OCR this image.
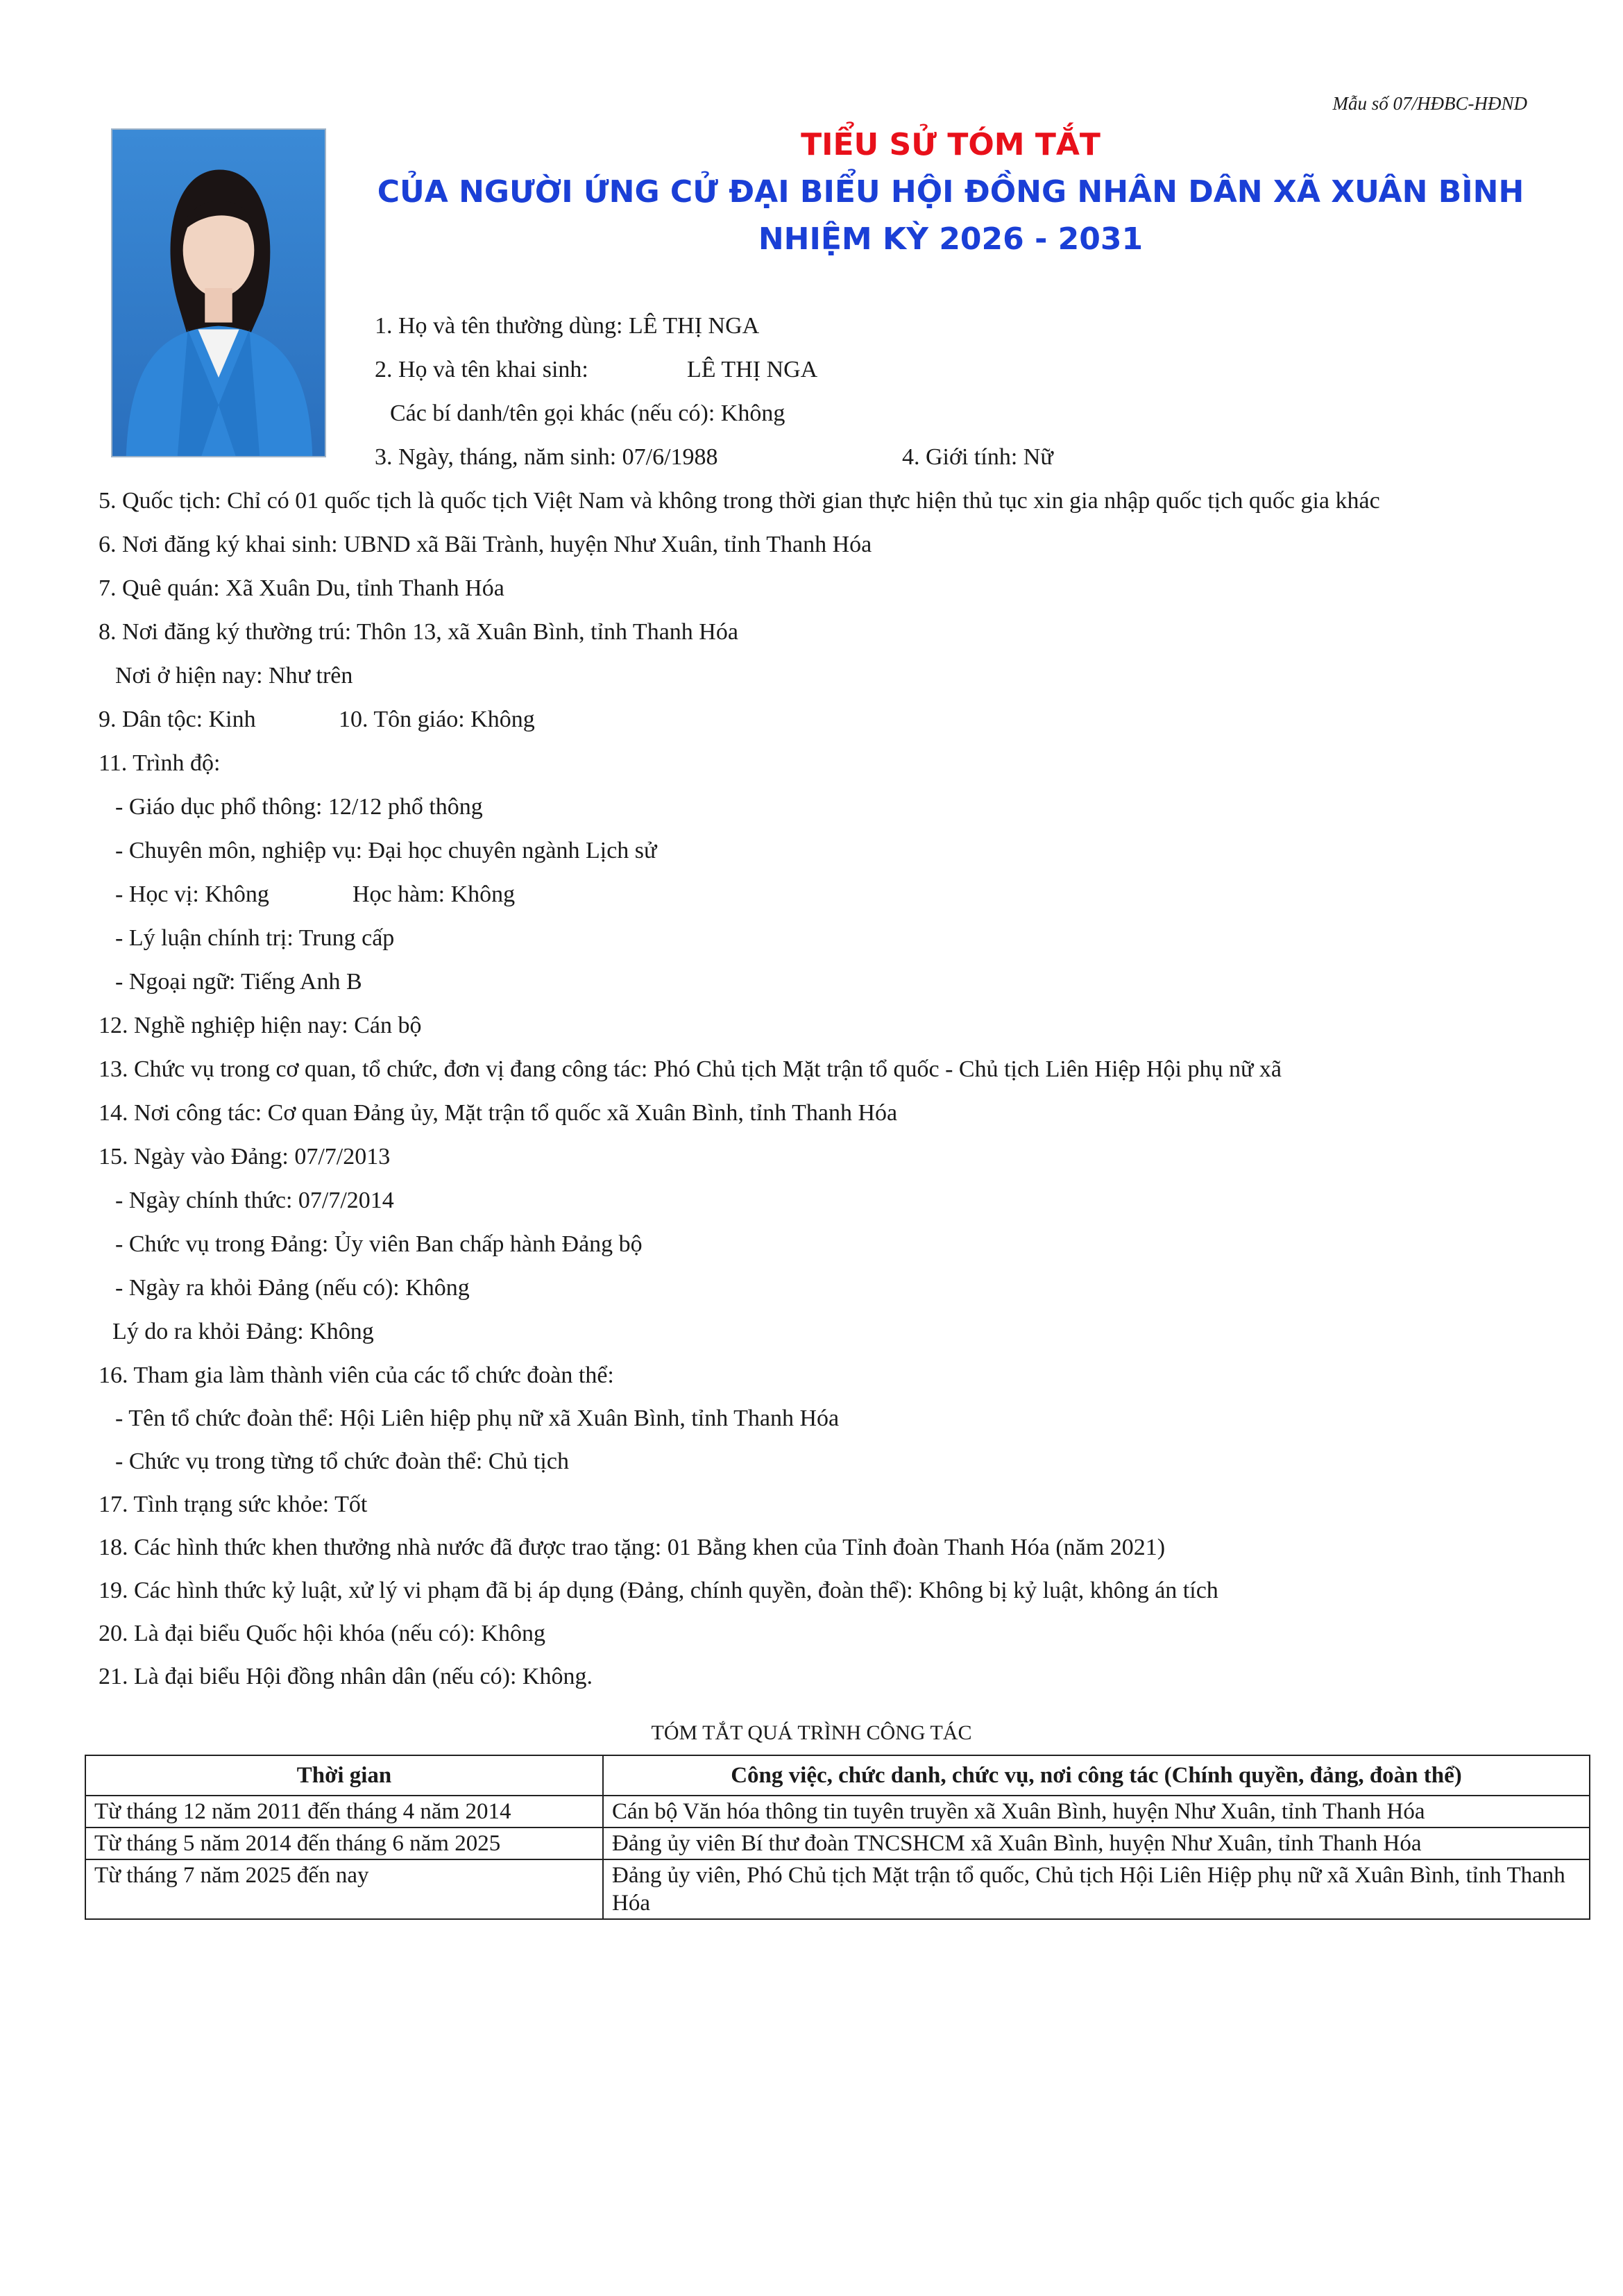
Mẫu số 07/HĐBC-HĐND
TIỂU SỬ TÓM TẮT
CỦA NGƯỜI ỨNG CỬ ĐẠI BIỂU HỘI ĐỒNG NHÂN DÂN XÃ XUÂN BÌNH
NHIỆM KỲ 2026 - 2031
1. Họ và tên thường dùng: LÊ THỊ NGA
2. Họ và tên khai sinh:	LÊ THỊ NGA
Các bí danh/tên gọi khác (nếu có): Không
3. Ngày, tháng, năm sinh: 07/6/1988	4. Giới tính: Nữ
5. Quốc tịch: Chỉ có 01 quốc tịch là quốc tịch Việt Nam và không trong thời gian thực hiện thủ tục xin gia nhập quốc tịch quốc gia khác
6. Nơi đăng ký khai sinh: UBND xã Bãi Trành, huyện Như Xuân, tỉnh Thanh Hóa
7. Quê quán: Xã Xuân Du, tỉnh Thanh Hóa
8. Nơi đăng ký thường trú: Thôn 13, xã Xuân Bình, tỉnh Thanh Hóa
Nơi ở hiện nay: Như trên
9. Dân tộc: Kinh	10. Tôn giáo: Không
11. Trình độ:
- Giáo dục phổ thông: 12/12 phổ thông
- Chuyên môn, nghiệp vụ: Đại học chuyên ngành Lịch sử
- Học vị: Không	Học hàm: Không
- Lý luận chính trị: Trung cấp
- Ngoại ngữ: Tiếng Anh B
12. Nghề nghiệp hiện nay: Cán bộ
13. Chức vụ trong cơ quan, tổ chức, đơn vị đang công tác: Phó Chủ tịch Mặt trận tổ quốc - Chủ tịch Liên Hiệp Hội phụ nữ xã
14. Nơi công tác: Cơ quan Đảng ủy, Mặt trận tổ quốc xã Xuân Bình, tỉnh Thanh Hóa
15. Ngày vào Đảng: 07/7/2013
- Ngày chính thức: 07/7/2014
- Chức vụ trong Đảng: Ủy viên Ban chấp hành Đảng bộ
- Ngày ra khỏi Đảng (nếu có): Không
Lý do ra khỏi Đảng: Không
16. Tham gia làm thành viên của các tổ chức đoàn thể:
- Tên tổ chức đoàn thể: Hội Liên hiệp phụ nữ xã Xuân Bình, tỉnh Thanh Hóa
- Chức vụ trong từng tổ chức đoàn thể: Chủ tịch
17. Tình trạng sức khỏe: Tốt
18. Các hình thức khen thưởng nhà nước đã được trao tặng: 01 Bằng khen của Tỉnh đoàn Thanh Hóa (năm 2021)
19. Các hình thức kỷ luật, xử lý vi phạm đã bị áp dụng (Đảng, chính quyền, đoàn thể): Không bị kỷ luật, không án tích
20. Là đại biểu Quốc hội khóa (nếu có): Không
21. Là đại biểu Hội đồng nhân dân (nếu có): Không.
TÓM TẮT QUÁ TRÌNH CÔNG TÁC
Thời gian	Công việc, chức danh, chức vụ, nơi công tác (Chính quyền, đảng, đoàn thể)
Từ tháng 12 năm 2011 đến tháng 4 năm 2014	Cán bộ Văn hóa thông tin tuyên truyền xã Xuân Bình, huyện Như Xuân, tỉnh Thanh Hóa
Từ tháng 5 năm 2014 đến tháng 6 năm 2025	Đảng ủy viên Bí thư đoàn TNCSHCM xã Xuân Bình, huyện Như Xuân, tỉnh Thanh Hóa
Từ tháng 7 năm 2025 đến nay	Đảng ủy viên, Phó Chủ tịch Mặt trận tổ quốc, Chủ tịch Hội Liên Hiệp phụ nữ xã Xuân Bình, tỉnh Thanh Hóa
